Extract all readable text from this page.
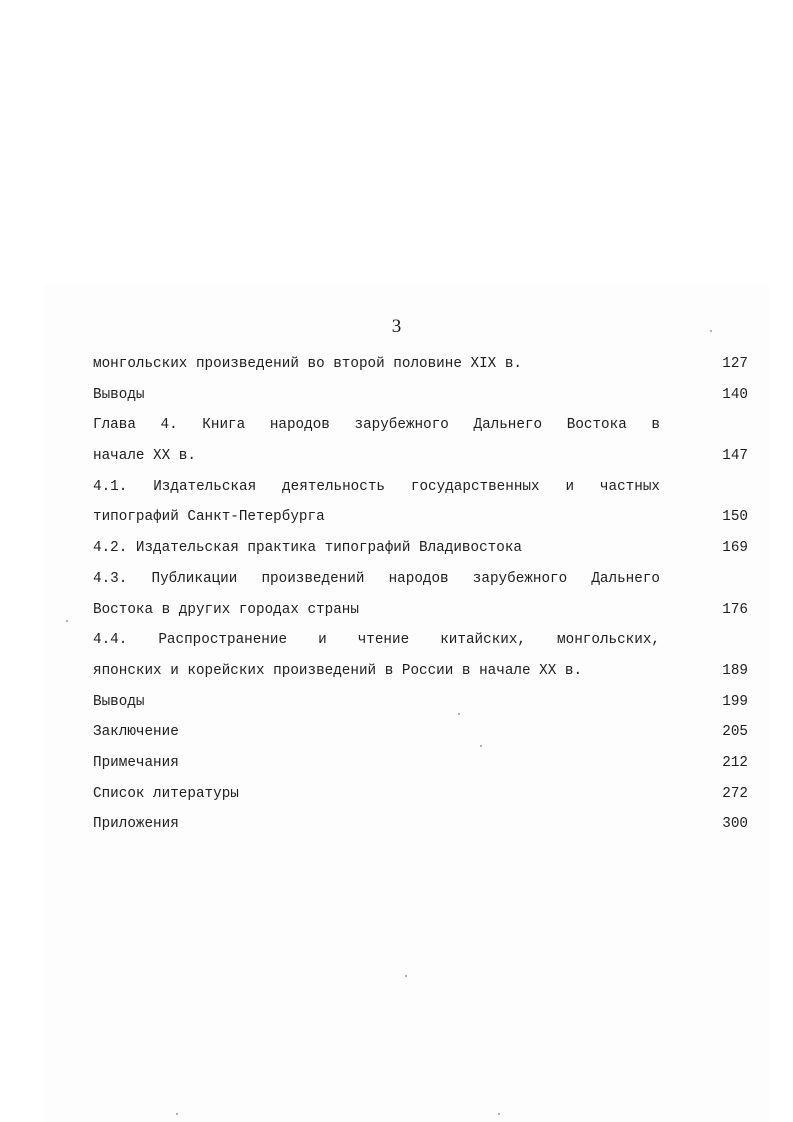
3
монгольских произведений во второй половине XIX в.	127
Выводы	140
Глава 4. Книга народов зарубежного Дальнего Востока в
начале XX в.	147
4.1. Издательская деятельность государственных и частных
типографий Санкт-Петербурга	150
4.2. Издательская практика типографий Владивостока	169
4.3. Публикации произведений народов зарубежного Дальнего
Востока в других городах страны	176
4.4. Распространение и чтение китайских, монгольских,
японских и корейских произведений в России в начале XX в.	189
Выводы	199
Заключение	205
Примечания	212
Список литературы	272
Приложения	300
